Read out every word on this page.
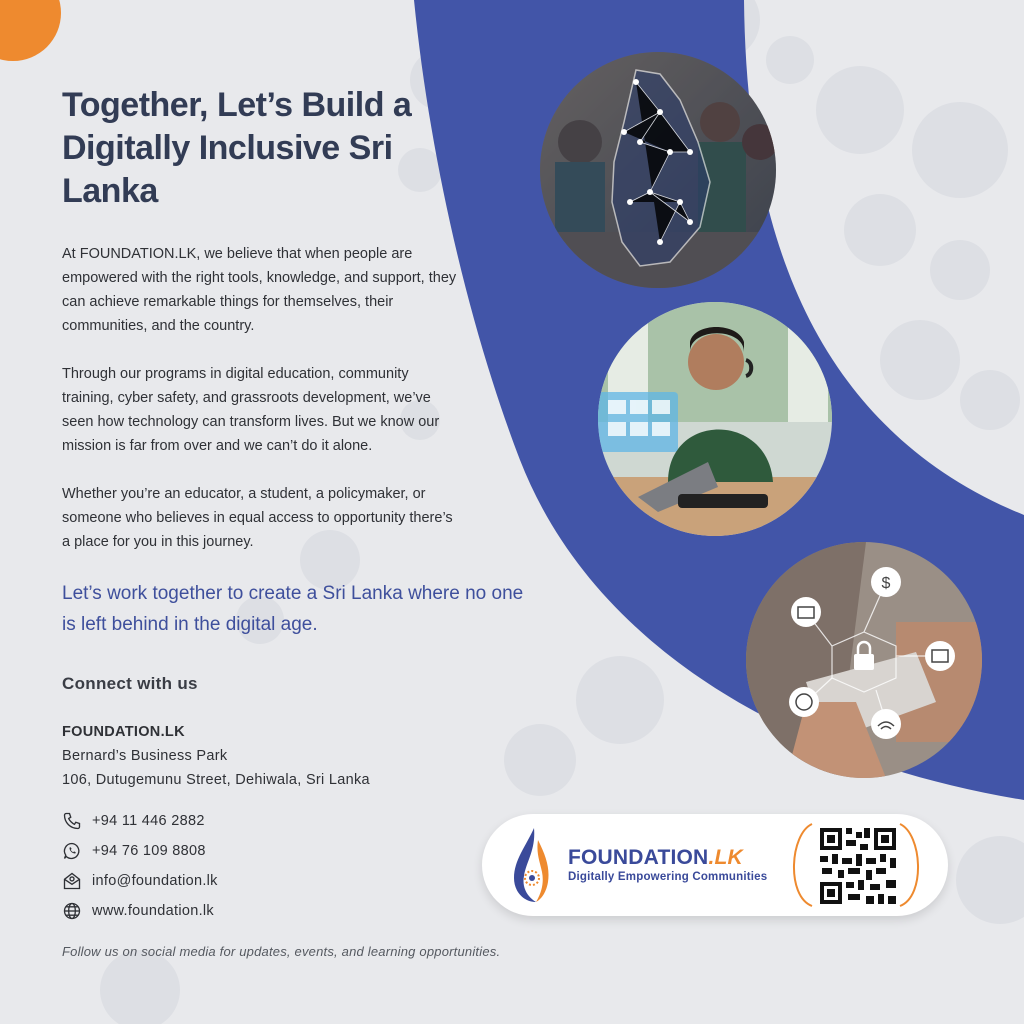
Together, Let’s Build a Digitally Inclusive Sri Lanka

At FOUNDATION.LK, we believe that when people are empowered with the right tools, knowledge, and support, they can achieve remarkable things for themselves, their communities, and the country.

Through our programs in digital education, community training, cyber safety, and grassroots development, we’ve seen how technology can transform lives. But we know our mission is far from over and we can’t do it alone.

Whether you’re an educator, a student, a policymaker, or someone who believes in equal access to opportunity there’s a place for you in this journey.

Let’s work together to create a Sri Lanka where no one is left behind in the digital age.

Connect with us
FOUNDATION.LK
Bernard’s Business Park
106, Dutugemunu Street, Dehiwala, Sri Lanka
+94 11 446 2882
+94 76 109 8808
info@foundation.lk
www.foundation.lk

Follow us on social media for updates, events, and learning opportunities.

$
FOUNDATION.LK
Digitally Empowering Communities
